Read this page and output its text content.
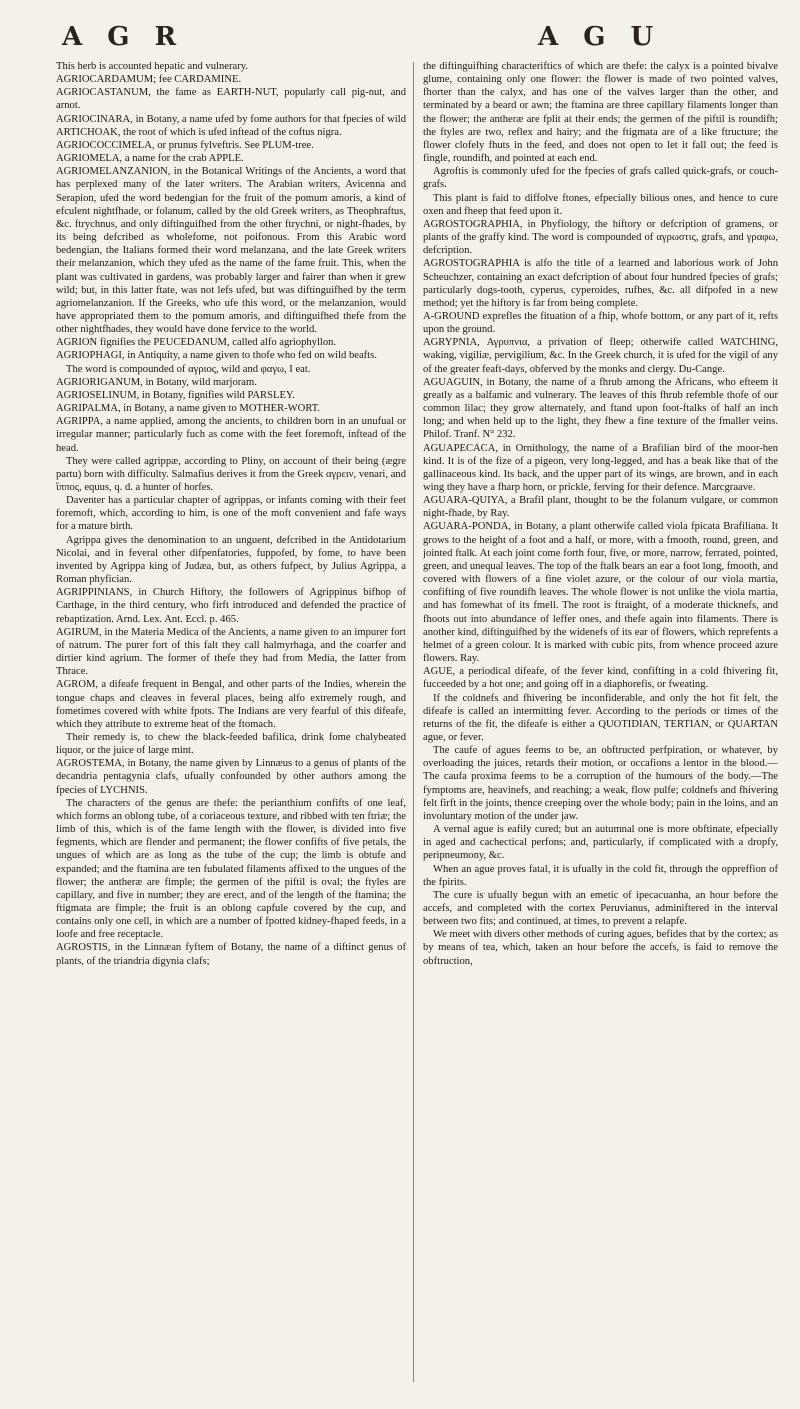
A G R	A G U

This herb is accounted hepatic and vulnerary.

AGRIOCARDAMUM; fee CARDAMINE.

AGRIOCASTANUM, the fame as EARTH-NUT, popularly call pig-nut, and arnot.

AGRIOCINARA, in Botany, a name ufed by fome authors for that fpecies of wild ARTICHOAK, the root of which is ufed inftead of the coftus nigra.

AGRIOCOCCIMELA, or prunus fylveftris. See PLUM-tree.

AGRIOMELA, a name for the crab APPLE.

AGRIOMELANZANION, in the Botanical Writings of the Ancients, a word that has perplexed many of the later writers. The Arabian writers, Avicenna and Serapion, ufed the word bedengian for the fruit of the pomum amoris, a kind of efculent nightfhade, or folanum, called by the old Greek writers, as Theophraftus, &c. ftrychnus, and only diftinguifhed from the other ftrychni, or night-fhades, by its being defcribed as wholefome, not poifonous. From this Arabic word bedengian, the Italians formed their word melanzana, and the late Greek writers their melanzanion, which they ufed as the name of the fame fruit. This, when the plant was cultivated in gardens, was probably larger and fairer than when it grew wild; but, in this latter ftate, was not lefs ufed, but was diftinguifhed by the term agriomelanzanion. If the Greeks, who ufe this word, or the melanzanion, would have appropriated them to the pomum amoris, and diftinguifhed thefe from the other nightfhades, they would have done fervice to the world.

AGRION fignifies the PEUCEDANUM, called alfo agriophyllon.

AGRIOPHAGI, in Antiquity, a name given to thofe who fed on wild beafts.

The word is compounded of αγριος, wild and φαγω, I eat.

AGRIORIGANUM, in Botany, wild marjoram.

AGRIOSELINUM, in Botany, fignifies wild PARSLEY.

AGRIPALMA, in Botany, a name given to MOTHER-WORT.

AGRIPPA, a name applied, among the ancients, to children born in an unufual or irregular manner; particularly fuch as come with the feet foremoft, inftead of the head.

They were called agrippæ, according to Pliny, on account of their being (ægre partu) born with difficulty. Salmafius derives it from the Greek αγρειν, venari, and ἵππος, equus, q. d. a hunter of horfes.

Daventer has a particular chapter of agrippas, or infants coming with their feet foremoft, which, according to him, is one of the moft convenient and fafe ways for a mature birth.

Agrippa gives the denomination to an unguent, defcribed in the Antidotarium Nicolai, and in feveral other difpenfatories, fuppofed, by fome, to have been invented by Agrippa king of Judæa, but, as others fufpect, by Julius Agrippa, a Roman phyfician.

AGRIPPINIANS, in Church Hiftory, the followers of Agrippinus bifhop of Carthage, in the third century, who firft introduced and defended the practice of rebaptization. Arnd. Lex. Ant. Eccl. p. 465.

AGIRUM, in the Materia Medica of the Ancients, a name given to an impurer fort of natrum. The purer fort of this falt they call halmyrhaga, and the coarfer and dirtier kind agrium. The former of thefe they had from Media, the latter from Thrace.

AGROM, a difeafe frequent in Bengal, and other parts of the Indies, wherein the tongue chaps and cleaves in feveral places, being alfo extremely rough, and fometimes covered with white fpots. The Indians are very fearful of this difeafe, which they attribute to extreme heat of the ftomach.

Their remedy is, to chew the black-feeded bafilica, drink fome chalybeated liquor, or the juice of large mint.

AGROSTEMA, in Botany, the name given by Linnæus to a genus of plants of the decandria pentagynia clafs, ufually confounded by other authors among the fpecies of LYCHNIS.

The characters of the genus are thefe: the perianthium confifts of one leaf, which forms an oblong tube, of a coriaceous texture, and ribbed with ten ftriæ; the limb of this, which is of the fame length with the flower, is divided into five fegments, which are flender and permanent; the flower confifts of five petals, the ungues of which are as long as the tube of the cup; the limb is obtufe and expanded; and the ftamina are ten fubulated filaments affixed to the ungues of the flower; the antheræ are fimple; the germen of the piftil is oval; the ftyles are capillary, and five in number; they are erect, and of the length of the ftamina; the ftigmata are fimple; the fruit is an oblong capfule covered by the cup, and contains only one cell, in which are a number of fpotted kidney-fhaped feeds, in a loofe and free receptacle.

AGROSTIS, in the Linnæan fyftem of Botany, the name of a diftinct genus of plants, of the triandria digynia clafs;

the diftinguifhing characteriftics of which are thefe: the calyx is a pointed bivalve glume, containing only one flower: the flower is made of two pointed valves, fhorter than the calyx, and has one of the valves larger than the other, and terminated by a beard or awn; the ftamina are three capillary filaments longer than the flower; the antheræ are fplit at their ends; the germen of the piftil is roundifh; the ftyles are two, reflex and hairy; and the ftigmata are of a like ftructure; the flower clofely fhuts in the feed, and does not open to let it fall out; the feed is fingle, roundifh, and pointed at each end.

Agroftis is commonly ufed for the fpecies of grafs called quick-grafs, or couch-grafs.

This plant is faid to diffolve ftones, efpecially bilious ones, and hence to cure oxen and fheep that feed upon it.

AGROSTOGRAPHIA, in Phyfiology, the hiftory or defcription of gramens, or plants of the graffy kind. The word is compounded of αγρωστις, grafs, and γραφω, defcription.

AGROSTOGRAPHIA is alfo the title of a learned and laborious work of John Scheuchzer, containing an exact defcription of about four hundred fpecies of grafs; particularly dogs-tooth, cyperus, cyperoides, rufhes, &c. all difpofed in a new method; yet the hiftory is far from being complete.

A-GROUND exprefles the fituation of a fhip, whofe bottom, or any part of it, refts upon the ground.

AGRYPNIA, Αγρυπνια, a privation of fleep; otherwife called WATCHING, waking, vigiliæ, pervigilium, &c. In the Greek church, it is ufed for the vigil of any of the greater feaft-days, obferved by the monks and clergy. Du-Cange.

AGUAGUIN, in Botany, the name of a fhrub among the Africans, who efteem it greatly as a balfamic and vulnerary. The leaves of this fhrub refemble thofe of our common lilac; they grow alternately, and ftand upon foot-ftalks of half an inch long; and when held up to the light, they fhew a fine texture of the fmaller veins. Philof. Tranf. N° 232.

AGUAPECACA, in Ornithology, the name of a Brafilian bird of the moor-hen kind. It is of the fize of a pigeon, very long-legged, and has a beak like that of the gallinaceous kind. Its back, and the upper part of its wings, are brown, and in each wing they have a fharp horn, or prickle, ferving for their defence. Marcgraave.

AGUARA-QUIYA, a Brafil plant, thought to be the folanum vulgare, or common night-fhade, by Ray.

AGUARA-PONDA, in Botany, a plant otherwife called viola fpicata Brafiliana. It grows to the height of a foot and a half, or more, with a fmooth, round, green, and jointed ftalk. At each joint come forth four, five, or more, narrow, ferrated, pointed, green, and unequal leaves. The top of the ftalk bears an ear a foot long, fmooth, and covered with flowers of a fine violet azure, or the colour of our viola martia, confifting of five roundifh leaves. The whole flower is not unlike the viola martia, and has fomewhat of its fmell. The root is ftraight, of a moderate thicknefs, and fhoots out into abundance of leffer ones, and thefe again into filaments. There is another kind, diftinguifhed by the widenefs of its ear of flowers, which reprefents a helmet of a green colour. It is marked with cubic pits, from whence proceed azure flowers. Ray.

AGUE, a periodical difeafe, of the fever kind, confifting in a cold fhivering fit, fucceeded by a hot one; and going off in a diaphorefis, or fweating.

If the coldnefs and fhivering be inconfiderable, and only the hot fit felt, the difeafe is called an intermitting fever. According to the periods or times of the returns of the fit, the difeafe is either a QUOTIDIAN, TERTIAN, or QUARTAN ague, or fever.

The caufe of agues feems to be, an obftructed perfpiration, or whatever, by overloading the juices, retards their motion, or occafions a lentor in the blood.—The caufa proxima feems to be a corruption of the humours of the body.—The fymptoms are, heavinefs, and reaching; a weak, flow pulfe; coldnefs and fhivering felt firft in the joints, thence creeping over the whole body; pain in the loins, and an involuntary motion of the under jaw.

A vernal ague is eafily cured; but an autumnal one is more obftinate, efpecially in aged and cachectical perfons; and, particularly, if complicated with a dropfy, peripneumony, &c.

When an ague proves fatal, it is ufually in the cold fit, through the oppreffion of the fpirits.

The cure is ufually begun with an emetic of ipecacuanha, an hour before the accefs, and completed with the cortex Peruvianus, adminiftered in the interval between two fits; and continued, at times, to prevent a relapfe.

We meet with divers other methods of curing agues, befides that by the cortex; as by means of tea, which, taken an hour before the accefs, is faid to remove the obftruction,
